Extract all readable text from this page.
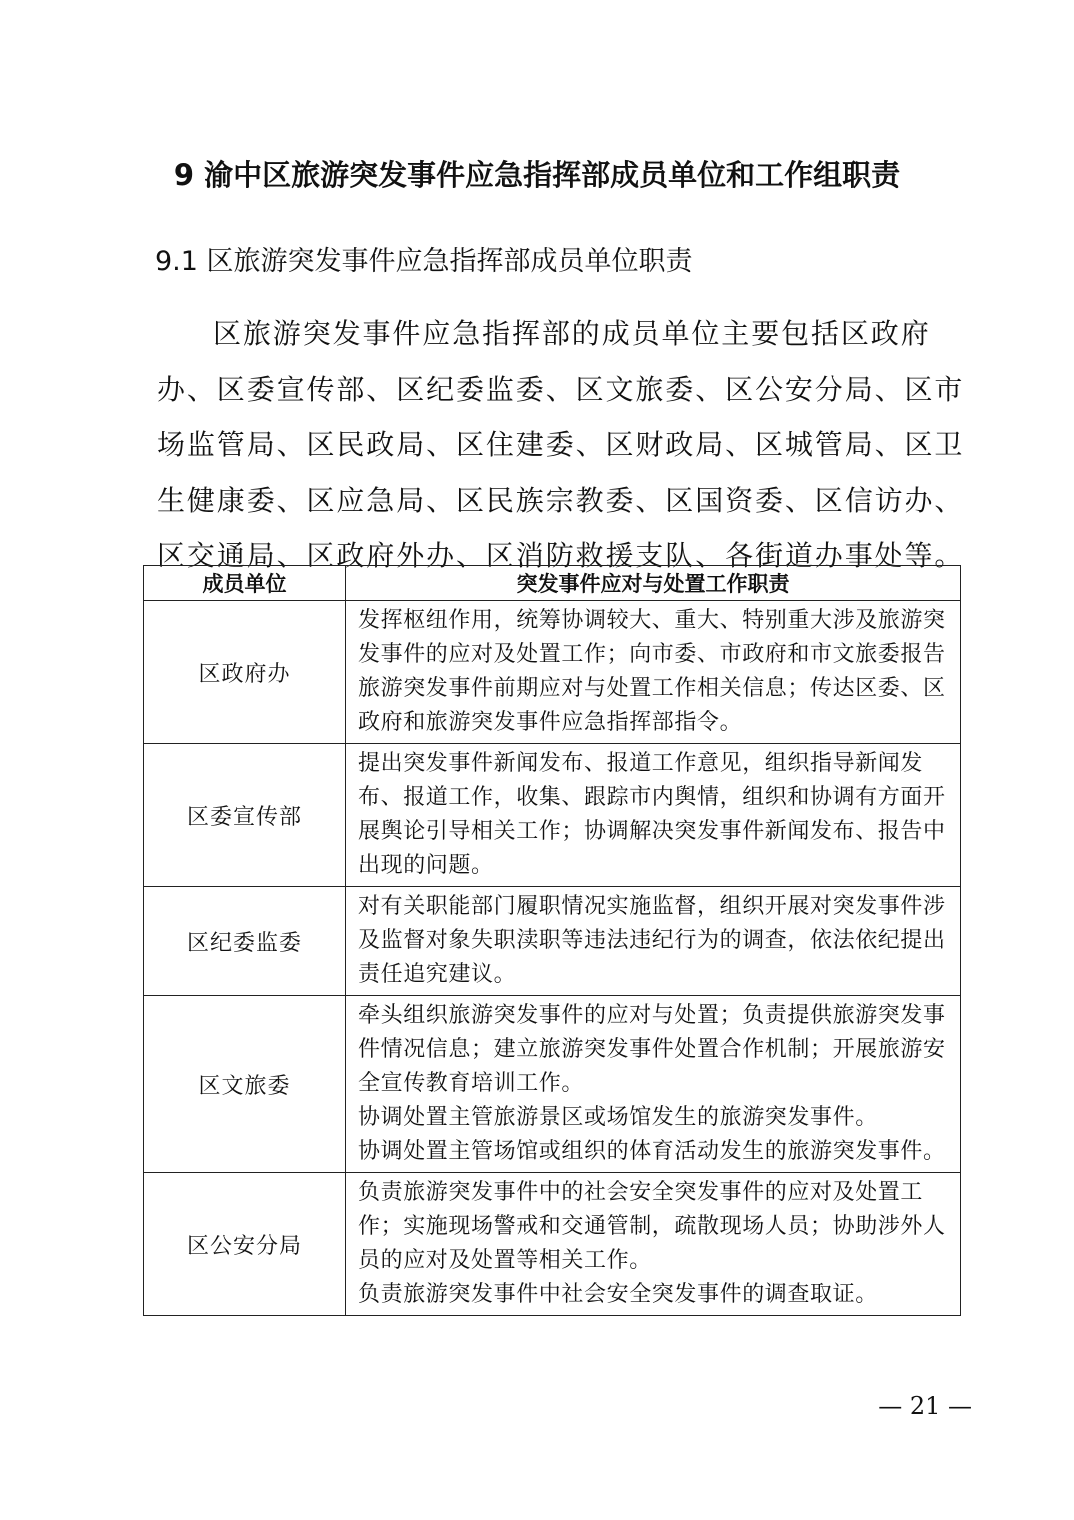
9 渝中区旅游突发事件应急指挥部成员单位和工作组职责
9.1 区旅游突发事件应急指挥部成员单位职责

区旅游突发事件应急指挥部的成员单位主要包括区政府办、区委宣传部、区纪委监委、区文旅委、区公安分局、区市场监管局、区民政局、区住建委、区财政局、区城管局、区卫生健康委、区应急局、区民族宗教委、区国资委、区信访办、区交通局、区政府外办、区消防救援支队、各街道办事处等。

成员单位	突发事件应对与处置工作职责
区政府办	发挥枢纽作用，统筹协调较大、重大、特别重大涉及旅游突发事件的应对及处置工作；向市委、市政府和市文旅委报告旅游突发事件前期应对与处置工作相关信息；传达区委、区政府和旅游突发事件应急指挥部指令。

区委宣传部	提出突发事件新闻发布、报道工作意见，组织指导新闻发布、报道工作，收集、跟踪市内舆情，组织和协调有方面开展舆论引导相关工作；协调解决突发事件新闻发布、报告中出现的问题。

区纪委监委	对有关职能部门履职情况实施监督，组织开展对突发事件涉及监督对象失职渎职等违法违纪行为的调查，依法依纪提出责任追究建议。

区文旅委	牵头组织旅游突发事件的应对与处置；负责提供旅游突发事件情况信息；建立旅游突发事件处置合作机制；开展旅游安全宣传教育培训工作。

协调处置主管旅游景区或场馆发生的旅游突发事件。

协调处置主管场馆或组织的体育活动发生的旅游突发事件。

区公安分局	负责旅游突发事件中的社会安全突发事件的应对及处置工作；实施现场警戒和交通管制，疏散现场人员；协助涉外人员的应对及处置等相关工作。

负责旅游突发事件中社会安全突发事件的调查取证。

— 21 —
